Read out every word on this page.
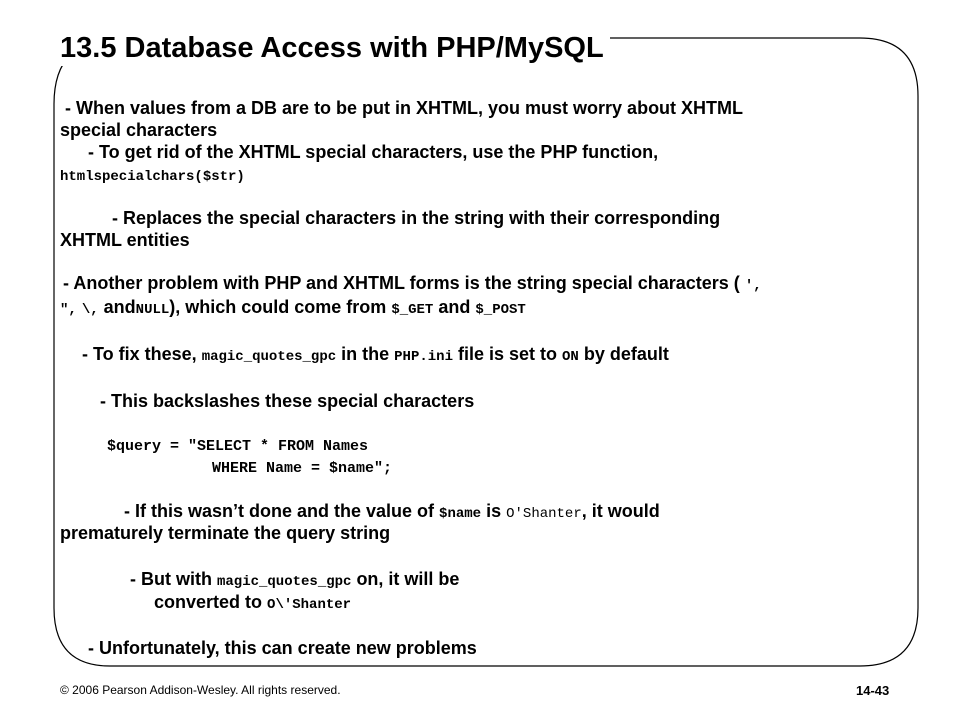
13.5 Database Access with PHP/MySQL
- When values from a DB are to be put in XHTML, you must worry about XHTML
special characters
- To get rid of the XHTML special characters, use the PHP function,
htmlspecialchars($str)
- Replaces the special characters in the string with their corresponding
XHTML entities
- Another problem with PHP and XHTML forms is the string special characters ( ′,
", \, andNULL), which could come from $_GET and $_POST
- To fix these, magic_quotes_gpc in the PHP.ini file is set to ON by default
- This backslashes these special characters
$query = "SELECT * FROM Names
WHERE Name = $name";
- If this wasn’t done and the value of $name is O'Shanter, it would
prematurely terminate the query string
- But with magic_quotes_gpc on, it will be
converted to O\'Shanter
- Unfortunately, this can create new problems
© 2006 Pearson Addison-Wesley. All rights reserved.	14-43
